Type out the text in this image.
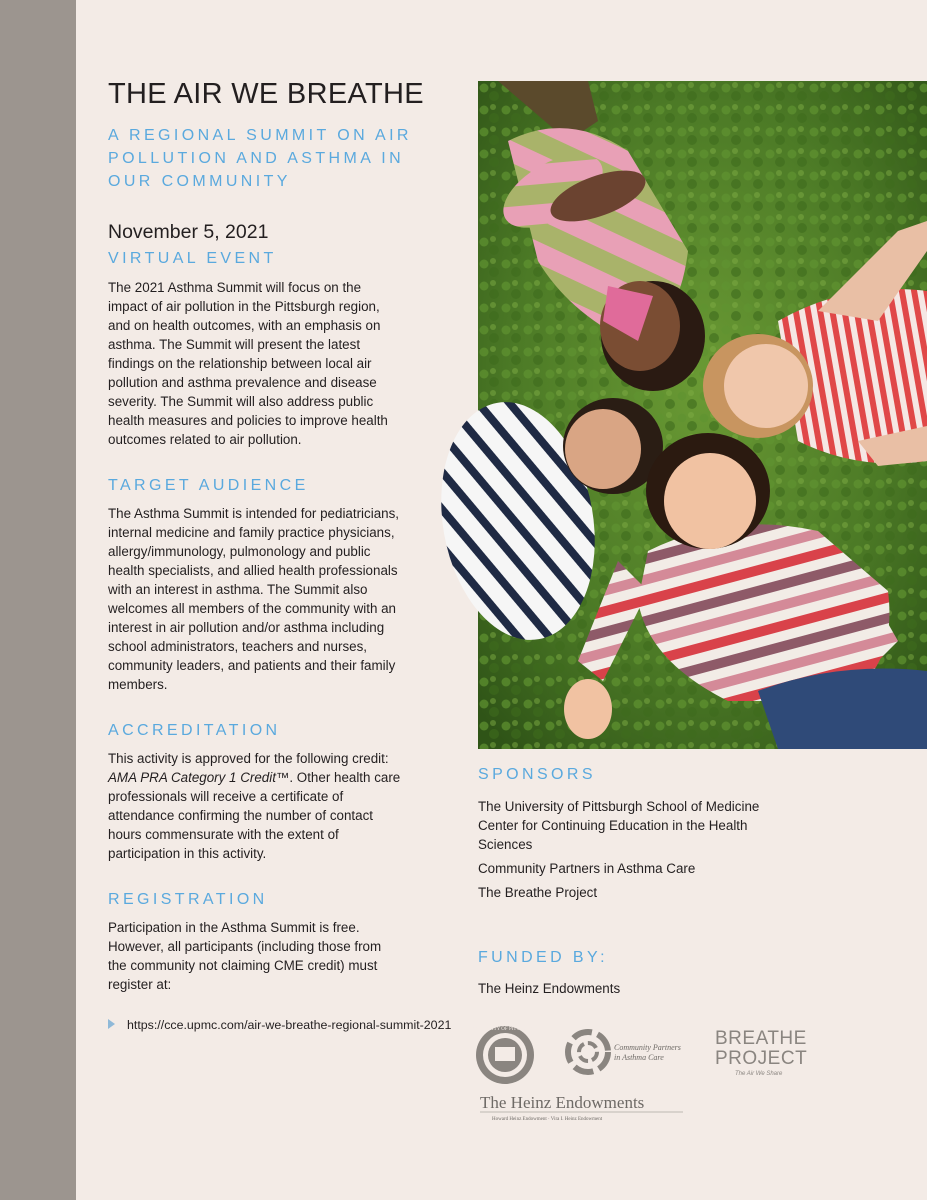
THE AIR WE BREATHE
A REGIONAL SUMMIT ON AIR
POLLUTION AND ASTHMA IN
OUR COMMUNITY
November 5, 2021
VIRTUAL EVENT
The 2021 Asthma Summit will focus on the
impact of air pollution in the Pittsburgh region,
and on health outcomes, with an emphasis on
asthma. The Summit will present the latest
findings on the relationship between local air
pollution and asthma prevalence and disease
severity. The Summit will also address public
health measures and policies to improve health
outcomes related to air pollution.
TARGET AUDIENCE
The Asthma Summit is intended for pediatricians,
internal medicine and family practice physicians,
allergy/immunology, pulmonology and public
health specialists, and allied health professionals
with an interest in asthma. The Summit also
welcomes all members of the community with an
interest in air pollution and/or asthma including
school administrators, teachers and nurses,
community leaders, and patients and their family
members.
ACCREDITATION
This activity is approved for the following credit:
AMA PRA Category 1 Credit™. Other health care
professionals will receive a certificate of
attendance confirming the number of contact
hours commensurate with the extent of
participation in this activity.
REGISTRATION
Participation in the Asthma Summit is free.
However, all participants (including those from
the community not claiming CME credit) must
register at:
https://cce.upmc.com/air-we-breathe-regional-summit-2021
SPONSORS
The University of Pittsburgh School of Medicine
Center for Continuing Education in the Health
Sciences
Community Partners in Asthma Care
The Breathe Project
FUNDED BY:
The Heinz Endowments
UNIVERSITY OF PITTSBURGH
Community Partners
in Asthma Care
BREATHE
PROJECT
The Air We Share
The Heinz Endowments
Howard Heinz Endowment · Vira I. Heinz Endowment
